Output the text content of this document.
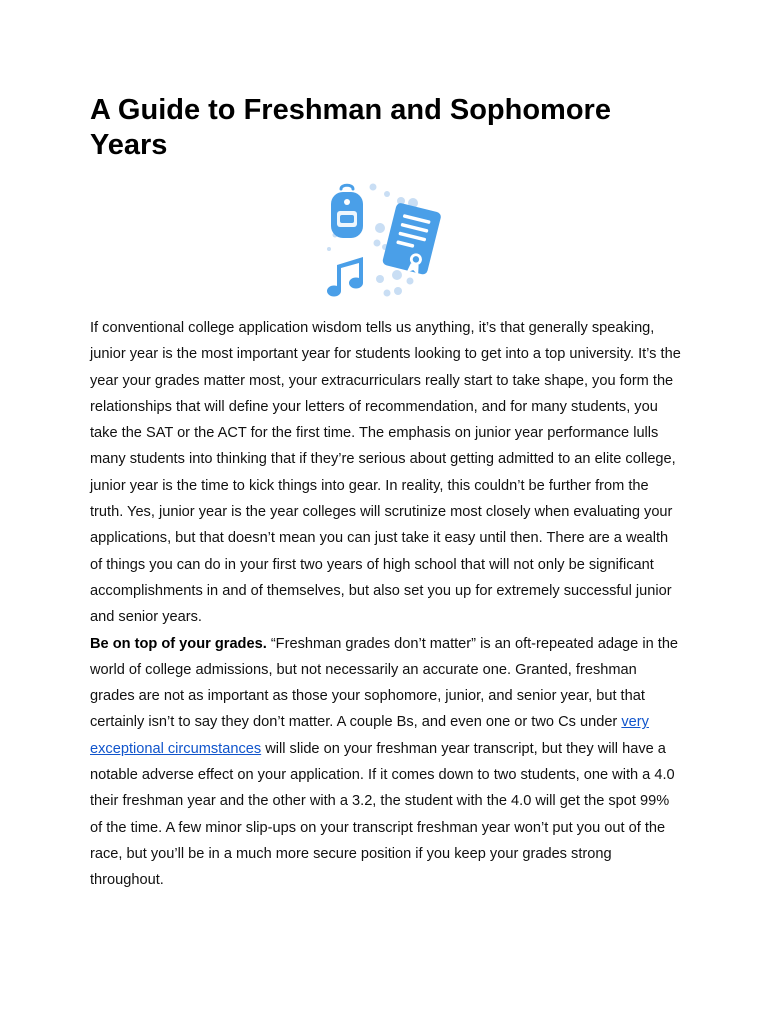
A Guide to Freshman and Sophomore Years

If conventional college application wisdom tells us anything, it’s that generally speaking, junior year is the most important year for students looking to get into a top university. It’s the year your grades matter most, your extracurriculars really start to take shape, you form the relationships that will define your letters of recommendation, and for many students, you take the SAT or the ACT for the first time. The emphasis on junior year performance lulls many students into thinking that if they’re serious about getting admitted to an elite college, junior year is the time to kick things into gear. In reality, this couldn’t be further from the truth. Yes, junior year is the year colleges will scrutinize most closely when evaluating your applications, but that doesn’t mean you can just take it easy until then. There are a wealth of things you can do in your first two years of high school that will not only be significant accomplishments in and of themselves, but also set you up for extremely successful junior and senior years.

Be on top of your grades. “Freshman grades don’t matter” is an oft-repeated adage in the world of college admissions, but not necessarily an accurate one. Granted, freshman grades are not as important as those your sophomore, junior, and senior year, but that certainly isn’t to say they don’t matter. A couple Bs, and even one or two Cs under very exceptional circumstances will slide on your freshman year transcript, but they will have a notable adverse effect on your application. If it comes down to two students, one with a 4.0 their freshman year and the other with a 3.2, the student with the 4.0 will get the spot 99% of the time. A few minor slip-ups on your transcript freshman year won’t put you out of the race, but you’ll be in a much more secure position if you keep your grades strong throughout.
